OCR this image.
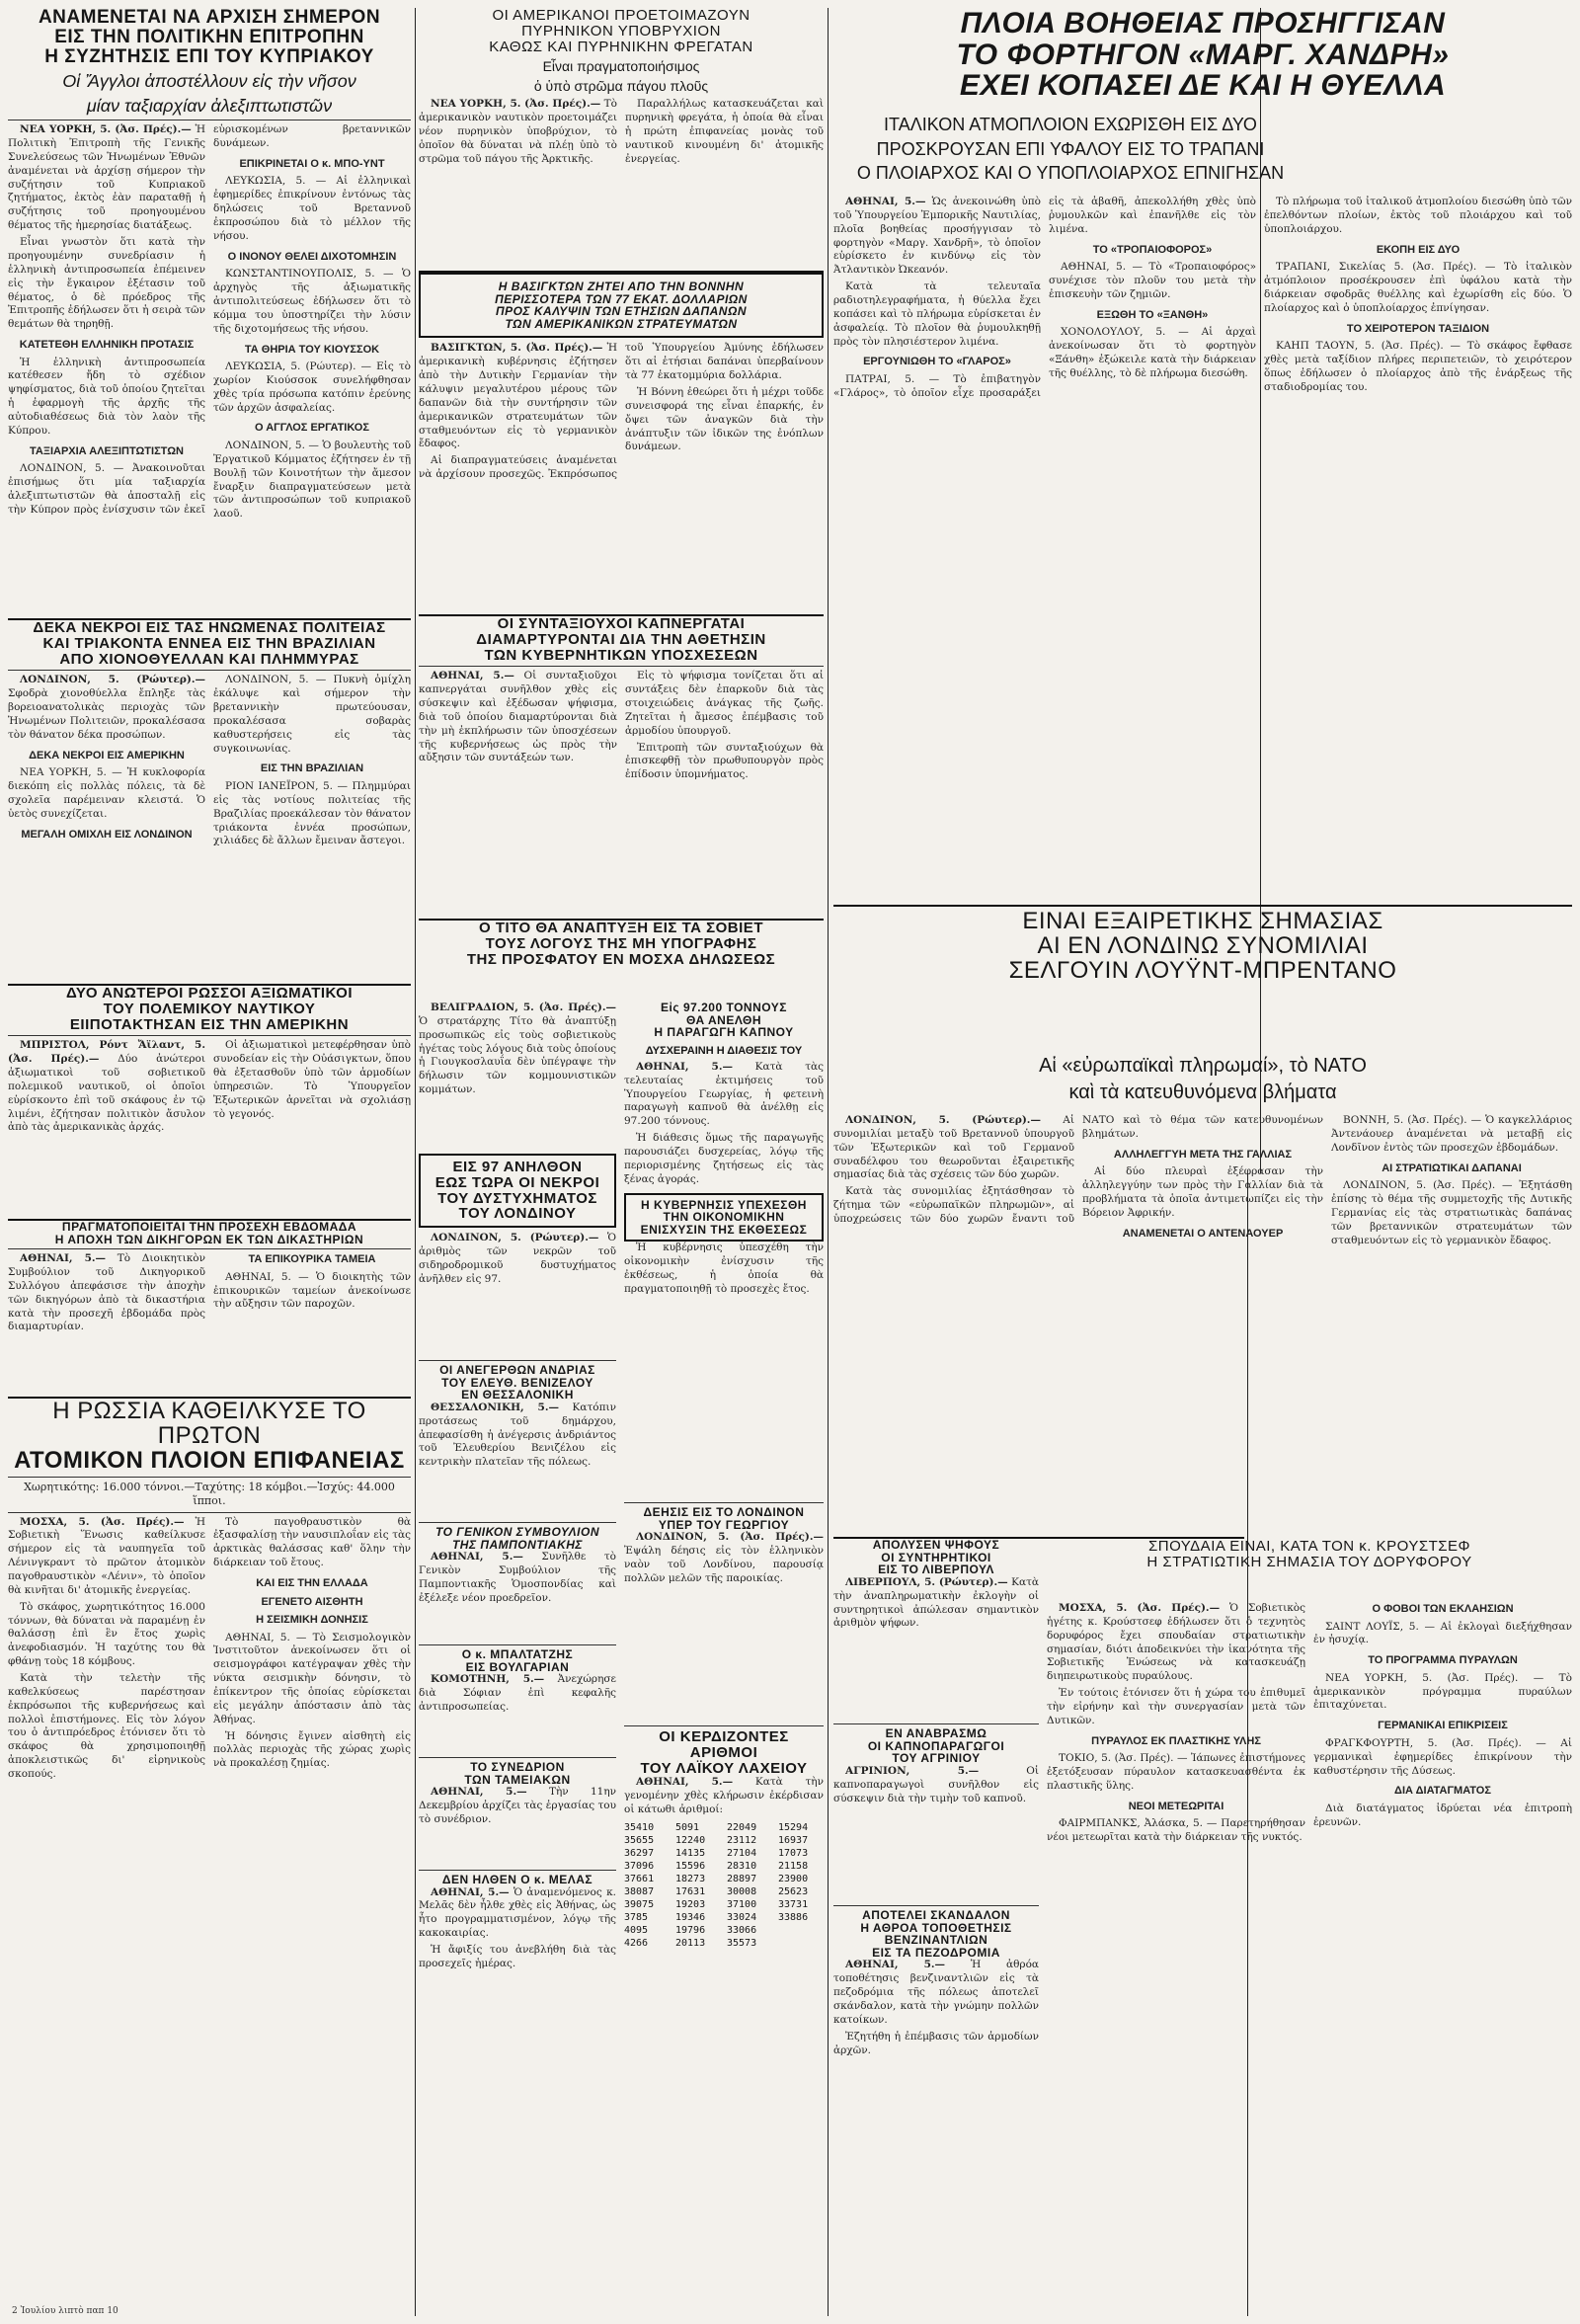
ΑΝΑΜΕΝΕΤΑΙ ΝΑ ΑΡΧΙΣΗ ΣΗΜΕΡΟΝ
ΕΙΣ ΤΗΝ ΠΟΛΙΤΙΚΗΝ ΕΠΙΤΡΟΠΗΝ
Η ΣΥΖΗΤΗΣΙΣ ΕΠΙ ΤΟΥ ΚΥΠΡΙΑΚΟΥ
Οἱ Ἄγγλοι ἀποστέλλουν εἰς τὴν νῆσον
μίαν ταξιαρχίαν ἀλεξιπτωτιστῶν

ΝΕΑ ΥΟΡΚΗ, 5. (Ἀσ. Πρές).— Ἡ Πολιτικὴ Ἐπιτροπὴ τῆς Γενικῆς Συνελεύσεως τῶν Ἡνωμένων Ἐθνῶν ἀναμένεται νὰ ἀρχίσῃ σήμερον τὴν συζήτησιν τοῦ Κυπριακοῦ ζητήματος, ἐκτὸς ἐὰν παραταθῇ ἡ συζήτησις τοῦ προηγουμένου θέματος τῆς ἡμερησίας διατάξεως.

Εἶναι γνωστὸν ὅτι κατὰ τὴν προηγουμένην συνεδρίασιν ἡ ἑλληνικὴ ἀντιπροσωπεία ἐπέμεινεν εἰς τὴν ἔγκαιρον ἐξέτασιν τοῦ θέματος, ὁ δὲ πρόεδρος τῆς Ἐπιτροπῆς ἐδήλωσεν ὅτι ἡ σειρὰ τῶν θεμάτων θὰ τηρηθῇ.

ΚΑΤΕΤΕΘΗ ΕΛΛΗΝΙΚΗ ΠΡΟΤΑΣΙΣ

Ἡ ἑλληνικὴ ἀντιπροσωπεία κατέθεσεν ἤδη τὸ σχέδιον ψηφίσματος, διὰ τοῦ ὁποίου ζητεῖται ἡ ἐφαρμογὴ τῆς ἀρχῆς τῆς αὐτοδιαθέσεως διὰ τὸν λαὸν τῆς Κύπρου.

ΤΑΞΙΑΡΧΙΑ ΑΛΕΞΙΠΤΩΤΙΣΤΩΝ

ΛΟΝΔΙΝΟΝ, 5. — Ἀνακοινοῦται ἐπισήμως ὅτι μία ταξιαρχία ἀλεξιπτωτιστῶν θὰ ἀποσταλῇ εἰς τὴν Κύπρον πρὸς ἐνίσχυσιν τῶν ἐκεῖ εὑρισκομένων βρεταννικῶν δυνάμεων.

ΕΠΙΚΡΙΝΕΤΑΙ Ο κ. ΜΠΟ-ΥΝΤ

ΛΕΥΚΩΣΙΑ, 5. — Αἱ ἐλληνικαὶ ἐφημερίδες ἐπικρίνουν ἐντόνως τὰς δηλώσεις τοῦ Βρεταννοῦ ἐκπροσώπου διὰ τὸ μέλλον τῆς νήσου.

Ο ΙΝΟΝΟΥ ΘΕΛΕΙ ΔΙΧΟΤΟΜΗΣΙΝ

ΚΩΝΣΤΑΝΤΙΝΟΥΠΟΛΙΣ, 5. — Ὁ ἀρχηγὸς τῆς ἀξιωματικῆς ἀντιπολιτεύσεως ἐδήλωσεν ὅτι τὸ κόμμα του ὑποστηρίζει τὴν λύσιν τῆς διχοτομήσεως τῆς νήσου.

ΤΑ ΘΗΡΙΑ ΤΟΥ ΚΙΟΥΣΣΟΚ

ΛΕΥΚΩΣΙΑ, 5. (Ρώυτερ). — Εἰς τὸ χωρίον Κιούσσοκ συνελήφθησαν χθὲς τρία πρόσωπα κατόπιν ἐρεύνης τῶν ἀρχῶν ἀσφαλείας.

Ο ΑΓΓΛΟΣ ΕΡΓΑΤΙΚΟΣ

ΛΟΝΔΙΝΟΝ, 5. — Ὁ βουλευτὴς τοῦ Ἐργατικοῦ Κόμματος ἐζήτησεν ἐν τῇ Βουλῇ τῶν Κοινοτήτων τὴν ἄμεσον ἔναρξιν διαπραγματεύσεων μετὰ τῶν ἀντιπροσώπων τοῦ κυπριακοῦ λαοῦ.

ΔΕΚΑ ΝΕΚΡΟΙ ΕΙΣ ΤΑΣ ΗΝΩΜΕΝΑΣ ΠΟΛΙΤΕΙΑΣ
ΚΑΙ ΤΡΙΑΚΟΝΤΑ ΕΝΝΕΑ ΕΙΣ ΤΗΝ ΒΡΑΖΙΛΙΑΝ
ΑΠΟ ΧΙΟΝΟΘΥΕΛΛΑΝ ΚΑΙ ΠΛΗΜΜΥΡΑΣ

ΛΟΝΔΙΝΟΝ, 5. (Ρώυτερ).— Σφοδρὰ χιονοθύελλα ἔπληξε τὰς βορειοανατολικὰς περιοχὰς τῶν Ἡνωμένων Πολιτειῶν, προκαλέσασα τὸν θάνατον δέκα προσώπων.

ΔΕΚΑ ΝΕΚΡΟΙ ΕΙΣ ΑΜΕΡΙΚΗΝ

ΝΕΑ ΥΟΡΚΗ, 5. — Ἡ κυκλοφορία διεκόπη εἰς πολλὰς πόλεις, τὰ δὲ σχολεῖα παρέμειναν κλειστά. Ὁ ὑετὸς συνεχίζεται.

ΜΕΓΑΛΗ ΟΜΙΧΛΗ ΕΙΣ ΛΟΝΔΙΝΟΝ

ΛΟΝΔΙΝΟΝ, 5. — Πυκνὴ ὀμίχλη ἐκάλυψε καὶ σήμερον τὴν βρεταννικὴν πρωτεύουσαν, προκαλέσασα σοβαρὰς καθυστερήσεις εἰς τὰς συγκοινωνίας.

ΕΙΣ ΤΗΝ ΒΡΑΖΙΛΙΑΝ

ΡΙΟΝ ΙΑΝΕΪΡΟΝ, 5. — Πλημμύραι εἰς τὰς νοτίους πολιτείας τῆς Βραζιλίας προεκάλεσαν τὸν θάνατον τριάκοντα ἐννέα προσώπων, χιλιάδες δὲ ἄλλων ἔμειναν ἄστεγοι.

ΔΥΟ ΑΝΩΤΕΡΟΙ ΡΩΣΣΟΙ ΑΞΙΩΜΑΤΙΚΟΙ
ΤΟΥ ΠΟΛΕΜΙΚΟΥ ΝΑΥΤΙΚΟΥ
ΕΙΙΠΟΤΑΚΤΗΣΑΝ ΕΙΣ ΤΗΝ ΑΜΕΡΙΚΗΝ

ΜΠΡΙΣΤΟΛ, Ρόντ Ἄϊλαντ, 5. (Ἀσ. Πρές).— Δύο ἀνώτεροι ἀξιωματικοὶ τοῦ σοβιετικοῦ πολεμικοῦ ναυτικοῦ, οἱ ὁποῖοι εὑρίσκοντο ἐπὶ τοῦ σκάφους ἐν τῷ λιμένι, ἐζήτησαν πολιτικὸν ἄσυλον ἀπὸ τὰς ἀμερικανικὰς ἀρχάς.

Οἱ ἀξιωματικοὶ μετεφέρθησαν ὑπὸ συνοδείαν εἰς τὴν Οὐάσιγκτων, ὅπου θὰ ἐξετασθοῦν ὑπὸ τῶν ἁρμοδίων ὑπηρεσιῶν. Τὸ Ὑπουργεῖον Ἐξωτερικῶν ἀρνεῖται νὰ σχολιάσῃ τὸ γεγονός.

ΠΡΑΓΜΑΤΟΠΟΙΕΙΤΑΙ ΤΗΝ ΠΡΟΣΕΧΗ ΕΒΔΟΜΑΔΑ
Η ΑΠΟΧΗ ΤΩΝ ΔΙΚΗΓΟΡΩΝ ΕΚ ΤΩΝ ΔΙΚΑΣΤΗΡΙΩΝ

ΑΘΗΝΑΙ, 5.— Τὸ Διοικητικὸν Συμβούλιον τοῦ Δικηγορικοῦ Συλλόγου ἀπεφάσισε τὴν ἀποχὴν τῶν δικηγόρων ἀπὸ τὰ δικαστήρια κατὰ τὴν προσεχῆ ἑβδομάδα πρὸς διαμαρτυρίαν.

ΤΑ ΕΠΙΚΟΥΡΙΚΑ ΤΑΜΕΙΑ

ΑΘΗΝΑΙ, 5. — Ὁ διοικητὴς τῶν ἐπικουρικῶν ταμείων ἀνεκοίνωσε τὴν αὔξησιν τῶν παροχῶν.

Η ΡΩΣΣΙΑ ΚΑΘΕΙΛΚΥΣΕ ΤΟ ΠΡΩΤΟΝ
ΑΤΟΜΙΚΟΝ ΠΛΟΙΟΝ ΕΠΙΦΑΝΕΙΑΣ
Χωρητικότης: 16.000 τόννοι.—Ταχύτης: 18 κόμβοι.—Ἰσχύς: 44.000 ἵπποι.

ΜΟΣΧΑ, 5. (Ἀσ. Πρές).— Ἡ Σοβιετικὴ Ἕνωσις καθείλκυσε σήμερον εἰς τὰ ναυπηγεῖα τοῦ Λένινγκραντ τὸ πρῶτον ἀτομικὸν παγοθραυστικὸν «Λένιν», τὸ ὁποῖον θὰ κινῆται δι' ἀτομικῆς ἐνεργείας.

Τὸ σκάφος, χωρητικότητος 16.000 τόννων, θὰ δύναται νὰ παραμένῃ ἐν θαλάσσῃ ἐπὶ ἓν ἔτος χωρὶς ἀνεφοδιασμόν. Ἡ ταχύτης του θὰ φθάνῃ τοὺς 18 κόμβους.

Κατὰ τὴν τελετὴν τῆς καθελκύσεως παρέστησαν ἐκπρόσωποι τῆς κυβερνήσεως καὶ πολλοὶ ἐπιστήμονες. Εἰς τὸν λόγον του ὁ ἀντιπρόεδρος ἐτόνισεν ὅτι τὸ σκάφος θὰ χρησιμοποιηθῇ ἀποκλειστικῶς δι' εἰρηνικοὺς σκοπούς.

Τὸ παγοθραυστικὸν θὰ ἐξασφαλίσῃ τὴν ναυσιπλοΐαν εἰς τὰς ἀρκτικὰς θαλάσσας καθ' ὅλην τὴν διάρκειαν τοῦ ἔτους.

ΚΑΙ ΕΙΣ ΤΗΝ ΕΛΛΑΔΑ
ΕΓΕΝΕΤΟ ΑΙΣΘΗΤΗ
Η ΣΕΙΣΜΙΚΗ ΔΟΝΗΣΙΣ

ΑΘΗΝΑΙ, 5. — Τὸ Σεισμολογικὸν Ἰνστιτοῦτον ἀνεκοίνωσεν ὅτι οἱ σεισμογράφοι κατέγραψαν χθὲς τὴν νύκτα σεισμικὴν δόνησιν, τὸ ἐπίκεντρον τῆς ὁποίας εὑρίσκεται εἰς μεγάλην ἀπόστασιν ἀπὸ τὰς Ἀθήνας.

Ἡ δόνησις ἔγινεν αἰσθητὴ εἰς πολλὰς περιοχὰς τῆς χώρας χωρὶς νὰ προκαλέσῃ ζημίας.

2 Ἰουλίου λιπτὸ παπ 10
ΟΙ ΑΜΕΡΙΚΑΝΟΙ ΠΡΟΕΤΟΙΜΑΖΟΥΝ
ΠΥΡΗΝΙΚΟΝ ΥΠΟΒΡΥΧΙΟΝ
ΚΑΘΩΣ ΚΑΙ ΠΥΡΗΝΙΚΗΝ ΦΡΕΓΑΤΑΝ
Εἶναι πραγματοποιήσιμος
ὁ ὑπὸ στρῶμα πάγου πλοῦς

ΝΕΑ ΥΟΡΚΗ, 5. (Ἀσ. Πρές).— Τὸ ἀμερικανικὸν ναυτικὸν προετοιμάζει νέον πυρηνικὸν ὑποβρύχιον, τὸ ὁποῖον θὰ δύναται νὰ πλέῃ ὑπὸ τὸ στρῶμα τοῦ πάγου τῆς Ἀρκτικῆς.

Παραλλήλως κατασκευάζεται καὶ πυρηνικὴ φρεγάτα, ἡ ὁποία θὰ εἶναι ἡ πρώτη ἐπιφανείας μονὰς τοῦ ναυτικοῦ κινουμένη δι' ἀτομικῆς ἐνεργείας.

Η ΒΑΣΙΓΚΤΩΝ ΖΗΤΕΙ ΑΠΟ ΤΗΝ ΒΟΝΝΗΝ
ΠΕΡΙΣΣΟΤΕΡΑ ΤΩΝ 77 ΕΚΑΤ. ΔΟΛΛΑΡΙΩΝ
ΠΡΟΣ ΚΑΛΥΨΙΝ ΤΩΝ ΕΤΗΣΙΩΝ ΔΑΠΑΝΩΝ
ΤΩΝ ΑΜΕΡΙΚΑΝΙΚΩΝ ΣΤΡΑΤΕΥΜΑΤΩΝ

ΒΑΣΙΓΚΤΩΝ, 5. (Ἀσ. Πρές).— Ἡ ἀμερικανικὴ κυβέρνησις ἐζήτησεν ἀπὸ τὴν Δυτικὴν Γερμανίαν τὴν κάλυψιν μεγαλυτέρου μέρους τῶν δαπανῶν διὰ τὴν συντήρησιν τῶν ἀμερικανικῶν στρατευμάτων τῶν σταθμευόντων εἰς τὸ γερμανικὸν ἔδαφος.

Αἱ διαπραγματεύσεις ἀναμένεται νὰ ἀρχίσουν προσεχῶς. Ἐκπρόσωπος τοῦ Ὑπουργείου Ἀμύνης ἐδήλωσεν ὅτι αἱ ἐτήσιαι δαπάναι ὑπερβαίνουν τὰ 77 ἑκατομμύρια δολλάρια.

Ἡ Βόννη ἐθεώρει ὅτι ἡ μέχρι τοῦδε συνεισφορά της εἶναι ἐπαρκής, ἐν ὄψει τῶν ἀναγκῶν διὰ τὴν ἀνάπτυξιν τῶν ἰδικῶν της ἐνόπλων δυνάμεων.

ΟΙ ΣΥΝΤΑΞΙΟΥΧΟΙ ΚΑΠΝΕΡΓΑΤΑΙ
ΔΙΑΜΑΡΤΥΡΟΝΤΑΙ ΔΙΑ ΤΗΝ ΑΘΕΤΗΣΙΝ
ΤΩΝ ΚΥΒΕΡΝΗΤΙΚΩΝ ΥΠΟΣΧΕΣΕΩΝ

ΑΘΗΝΑΙ, 5.— Οἱ συνταξιοῦχοι καπνεργάται συνῆλθον χθὲς εἰς σύσκεψιν καὶ ἐξέδωσαν ψήφισμα, διὰ τοῦ ὁποίου διαμαρτύρονται διὰ τὴν μὴ ἐκπλήρωσιν τῶν ὑποσχέσεων τῆς κυβερνήσεως ὡς πρὸς τὴν αὔξησιν τῶν συντάξεών των.

Εἰς τὸ ψήφισμα τονίζεται ὅτι αἱ συντάξεις δὲν ἐπαρκοῦν διὰ τὰς στοιχειώδεις ἀνάγκας τῆς ζωῆς. Ζητεῖται ἡ ἄμεσος ἐπέμβασις τοῦ ἁρμοδίου ὑπουργοῦ.

Ἐπιτροπὴ τῶν συνταξιούχων θὰ ἐπισκεφθῇ τὸν πρωθυπουργὸν πρὸς ἐπίδοσιν ὑπομνήματος.

Ο ΤΙΤΟ ΘΑ ΑΝΑΠΤΥΞΗ ΕΙΣ ΤΑ ΣΟΒΙΕΤ
ΤΟΥΣ ΛΟΓΟΥΣ ΤΗΣ ΜΗ ΥΠΟΓΡΑΦΗΣ
ΤΗΣ ΠΡΟΣΦΑΤΟΥ ΕΝ ΜΟΣΧΑ ΔΗΛΩΣΕΩΣ

ΒΕΛΙΓΡΑΔΙΟΝ, 5. (Ἀσ. Πρές).— Ὁ στρατάρχης Τίτο θὰ ἀναπτύξῃ προσωπικῶς εἰς τοὺς σοβιετικοὺς ἡγέτας τοὺς λόγους διὰ τοὺς ὁποίους ἡ Γιουγκοσλαυΐα δὲν ὑπέγραψε τὴν δήλωσιν τῶν κομμουνιστικῶν κομμάτων.

ΕΙΣ 97 ΑΝΗΛΘΟΝ
ΕΩΣ ΤΩΡΑ ΟΙ ΝΕΚΡΟΙ
ΤΟΥ ΔΥΣΤΥΧΗΜΑΤΟΣ
ΤΟΥ ΛΟΝΔΙΝΟΥ

ΛΟΝΔΙΝΟΝ, 5. (Ρώυτερ).— Ὁ ἀριθμὸς τῶν νεκρῶν τοῦ σιδηροδρομικοῦ δυστυχήματος ἀνῆλθεν εἰς 97.

ΟΙ ΑΝΕΓΕΡΘΩΝ ΑΝΔΡΙΑΣ
ΤΟΥ ΕΛΕΥΘ. ΒΕΝΙΖΕΛΟΥ
ΕΝ ΘΕΣΣΑΛΟΝΙΚΗ

ΘΕΣΣΑΛΟΝΙΚΗ, 5.— Κατόπιν προτάσεως τοῦ δημάρχου, ἀπεφασίσθη ἡ ἀνέγερσις ἀνδριάντος τοῦ Ἐλευθερίου Βενιζέλου εἰς κεντρικὴν πλατεῖαν τῆς πόλεως.

ΤΟ ΓΕΝΙΚΟΝ ΣΥΜΒΟΥΛΙΟΝ
ΤΗΣ ΠΑΜΠΟΝΤΙΑΚΗΣ

ΑΘΗΝΑΙ, 5.— Συνῆλθε τὸ Γενικὸν Συμβούλιον τῆς Παμποντιακῆς Ὁμοσπονδίας καὶ ἐξέλεξε νέον προεδρεῖον.

Ο κ. ΜΠΑΛΤΑΤΖΗΣ
ΕΙΣ ΒΟΥΛΓΑΡΙΑΝ

ΚΟΜΟΤΗΝΗ, 5.— Ἀνεχώρησε διὰ Σόφιαν ἐπὶ κεφαλῆς ἀντιπροσωπείας.

ΤΟ ΣΥΝΕΔΡΙΟΝ
ΤΩΝ ΤΑΜΕΙΑΚΩΝ

ΑΘΗΝΑΙ, 5.— Τὴν 11ην Δεκεμβρίου ἀρχίζει τὰς ἐργασίας του τὸ συνέδριον.

ΔΕΝ ΗΛΘΕΝ Ο κ. ΜΕΛΑΣ

ΑΘΗΝΑΙ, 5.— Ὁ ἀναμενόμενος κ. Μελᾶς δὲν ἦλθε χθὲς εἰς Ἀθήνας, ὡς ἦτο προγραμματισμένον, λόγῳ τῆς κακοκαιρίας.

Ἡ ἄφιξίς του ἀνεβλήθη διὰ τὰς προσεχεῖς ἡμέρας.

Εἰς 97.200 ΤΟΝΝΟΥΣ
ΘΑ ΑΝΕΛΘΗ
Η ΠΑΡΑΓΩΓΗ ΚΑΠΝΟΥ
ΔΥΣΧΕΡΑΙΝΗ Η ΔΙΑΘΕΣΙΣ ΤΟΥ

ΑΘΗΝΑΙ, 5.— Κατὰ τὰς τελευταίας ἐκτιμήσεις τοῦ Ὑπουργείου Γεωργίας, ἡ φετεινὴ παραγωγὴ καπνοῦ θὰ ἀνέλθῃ εἰς 97.200 τόννους.

Ἡ διάθεσις ὅμως τῆς παραγωγῆς παρουσιάζει δυσχερείας, λόγῳ τῆς περιορισμένης ζητήσεως εἰς τὰς ξένας ἀγοράς.

Η ΚΥΒΕΡΝΗΣΙΣ ΥΠΕΧΕΣΘΗ
ΤΗΝ ΟΙΚΟΝΟΜΙΚΗΝ
ΕΝΙΣΧΥΣΙΝ ΤΗΣ ΕΚΘΕΣΕΩΣ

Ἡ κυβέρνησις ὑπεσχέθη τὴν οἰκονομικὴν ἐνίσχυσιν τῆς ἐκθέσεως, ἡ ὁποία θὰ πραγματοποιηθῇ τὸ προσεχὲς ἔτος.

ΔΕΗΣΙΣ ΕΙΣ ΤΟ ΛΟΝΔΙΝΟΝ
ΥΠΕΡ ΤΟΥ ΓΕΩΡΓΙΟΥ

ΛΟΝΔΙΝΟΝ, 5. (Ἀσ. Πρές).— Ἐψάλη δέησις εἰς τὸν ἑλληνικὸν ναὸν τοῦ Λονδίνου, παρουσίᾳ πολλῶν μελῶν τῆς παροικίας.

ΠΛΟΙΑ ΒΟΗΘΕΙΑΣ ΠΡΟΣΗΓΓΙΣΑΝ
ΤΟ ΦΟΡΤΗΓΟΝ «ΜΑΡΓ. ΧΑΝΔΡΗ»
ΕΧΕΙ ΚΟΠΑΣΕΙ ΔΕ ΚΑΙ Η ΘΥΕΛΛΑ
ΙΤΑΛΙΚΟΝ ΑΤΜΟΠΛΟΙΟΝ ΕΧΩΡΙΣΘΗ ΕΙΣ ΔΥΟ
ΠΡΟΣΚΡΟΥΣΑΝ ΕΠΙ ΥΦΑΛΟΥ ΕΙΣ ΤΟ ΤΡΑΠΑΝΙ
Ο ΠΛΟΙΑΡΧΟΣ ΚΑΙ Ο ΥΠΟΠΛΟΙΑΡΧΟΣ ΕΠΝΙΓΗΣΑΝ

ΑΘΗΝΑΙ, 5.— Ὡς ἀνεκοινώθη ὑπὸ τοῦ Ὑπουργείου Ἐμπορικῆς Ναυτιλίας, πλοῖα βοηθείας προσήγγισαν τὸ φορτηγὸν «Μαργ. Χανδρῆ», τὸ ὁποῖον εὑρίσκετο ἐν κινδύνῳ εἰς τὸν Ἀτλαντικὸν Ὠκεανόν.

Κατὰ τὰ τελευταῖα ραδιοτηλεγραφήματα, ἡ θύελλα ἔχει κοπάσει καὶ τὸ πλήρωμα εὑρίσκεται ἐν ἀσφαλείᾳ. Τὸ πλοῖον θὰ ῥυμουλκηθῇ πρὸς τὸν πλησιέστερον λιμένα.

ΕΡΓΟΥΝΙΩΘΗ ΤΟ «ΓΛΑΡΟΣ»

ΠΑΤΡΑΙ, 5. — Τὸ ἐπιβατηγὸν «Γλάρος», τὸ ὁποῖον εἶχε προσαράξει εἰς τὰ ἀβαθῆ, ἀπεκολλήθη χθὲς ὑπὸ ῥυμουλκῶν καὶ ἐπανῆλθε εἰς τὸν λιμένα.

ΤΟ «ΤΡΟΠΑΙΟΦΟΡΟΣ»

ΑΘΗΝΑΙ, 5. — Τὸ «Τροπαιοφόρος» συνέχισε τὸν πλοῦν του μετὰ τὴν ἐπισκευὴν τῶν ζημιῶν.

ΕΞΩΘΗ ΤΟ «ΞΑΝΘΗ»

ΧΟΝΟΛΟΥΛΟΥ, 5. — Αἱ ἀρχαὶ ἀνεκοίνωσαν ὅτι τὸ φορτηγὸν «Ξάνθη» ἐξώκειλε κατὰ τὴν διάρκειαν τῆς θυέλλης, τὸ δὲ πλήρωμα διεσώθη.

Τὸ πλήρωμα τοῦ ἰταλικοῦ ἀτμοπλοίου διεσώθη ὑπὸ τῶν ἐπελθόντων πλοίων, ἐκτὸς τοῦ πλοιάρχου καὶ τοῦ ὑποπλοιάρχου.

ΕΚΟΠΗ ΕΙΣ ΔΥΟ

ΤΡΑΠΑΝΙ, Σικελίας 5. (Ἀσ. Πρές). — Τὸ ἰταλικὸν ἀτμόπλοιον προσέκρουσεν ἐπὶ ὑφάλου κατὰ τὴν διάρκειαν σφοδρᾶς θυέλλης καὶ ἐχωρίσθη εἰς δύο. Ὁ πλοίαρχος καὶ ὁ ὑποπλοίαρχος ἐπνίγησαν.

ΤΟ ΧΕΙΡΟΤΕΡΟΝ ΤΑΞΙΔΙΟΝ

ΚΑΗΠ ΤΑΟΥΝ, 5. (Ἀσ. Πρές). — Τὸ σκάφος ἔφθασε χθὲς μετὰ ταξίδιον πλήρες περιπετειῶν, τὸ χειρότερον ὅπως ἐδήλωσεν ὁ πλοίαρχος ἀπὸ τῆς ἐνάρξεως τῆς σταδιοδρομίας του.

ΕΙΝΑΙ ΕΞΑΙΡΕΤΙΚΗΣ ΣΗΜΑΣΙΑΣ
ΑΙ ΕΝ ΛΟΝΔΙΝΩ ΣΥΝΟΜΙΛΙΑΙ
ΣΕΛΓΟΥΙΝ ΛΟΥΫΝΤ-ΜΠΡΕΝΤΑΝΟ
Αἱ «εὐρωπαϊκαὶ πληρωμαί», τὸ ΝΑΤΟ
καὶ τὰ κατευθυνόμενα βλήματα

ΛΟΝΔΙΝΟΝ, 5. (Ρώυτερ).— Αἱ συνομιλίαι μεταξὺ τοῦ Βρεταννοῦ ὑπουργοῦ τῶν Ἐξωτερικῶν καὶ τοῦ Γερμανοῦ συναδέλφου του θεωροῦνται ἐξαιρετικῆς σημασίας διὰ τὰς σχέσεις τῶν δύο χωρῶν.

Κατὰ τὰς συνομιλίας ἐξητάσθησαν τὸ ζήτημα τῶν «εὐρωπαϊκῶν πληρωμῶν», αἱ ὑποχρεώσεις τῶν δύο χωρῶν ἔναντι τοῦ ΝΑΤΟ καὶ τὸ θέμα τῶν κατευθυνομένων βλημάτων.

ΑΛΛΗΛΕΓΓΥΗ ΜΕΤΑ ΤΗΣ ΓΑΛΛΙΑΣ

Αἱ δύο πλευραὶ ἐξέφρασαν τὴν ἀλληλεγγύην των πρὸς τὴν Γαλλίαν διὰ τὰ προβλήματα τὰ ὁποῖα ἀντιμετωπίζει εἰς τὴν Βόρειον Ἀφρικήν.

ΑΝΑΜΕΝΕΤΑΙ Ο ΑΝΤΕΝΑΟΥΕΡ

ΒΟΝΝΗ, 5. (Ἀσ. Πρές). — Ὁ καγκελλάριος Ἀντενάουερ ἀναμένεται νὰ μεταβῇ εἰς Λονδῖνον ἐντὸς τῶν προσεχῶν ἑβδομάδων.

ΑΙ ΣΤΡΑΤΙΩΤΙΚΑΙ ΔΑΠΑΝΑΙ

ΛΟΝΔΙΝΟΝ, 5. (Ἀσ. Πρές). — Ἐξητάσθη ἐπίσης τὸ θέμα τῆς συμμετοχῆς τῆς Δυτικῆς Γερμανίας εἰς τὰς στρατιωτικὰς δαπάνας τῶν βρεταννικῶν στρατευμάτων τῶν σταθμευόντων εἰς τὸ γερμανικὸν ἔδαφος.

ΑΠΟΛΥΣΕΝ ΨΗΦΟΥΣ
ΟΙ ΣΥΝΤΗΡΗΤΙΚΟΙ
ΕΙΣ ΤΟ ΛΙΒΕΡΠΟΥΛ

ΛΙΒΕΡΠΟΥΛ, 5. (Ρώυτερ).— Κατὰ τὴν ἀναπληρωματικὴν ἐκλογὴν οἱ συντηρητικοὶ ἀπώλεσαν σημαντικὸν ἀριθμὸν ψήφων.

ΕΝ ΑΝΑΒΡΑΣΜΩ
ΟΙ ΚΑΠΝΟΠΑΡΑΓΩΓΟΙ
ΤΟΥ ΑΓΡΙΝΙΟΥ

ΑΓΡΙΝΙΟΝ, 5.— Οἱ καπνοπαραγωγοὶ συνῆλθον εἰς σύσκεψιν διὰ τὴν τιμὴν τοῦ καπνοῦ.

ΑΠΟΤΕΛΕΙ ΣΚΑΝΔΑΛΟΝ
Η ΑΘΡΟΑ ΤΟΠΟΘΕΤΗΣΙΣ
ΒΕΝΖΙΝΑΝΤΛΙΩΝ
ΕΙΣ ΤΑ ΠΕΖΟΔΡΟΜΙΑ

ΑΘΗΝΑΙ, 5.— Ἡ ἀθρόα τοποθέτησις βενζιναντλιῶν εἰς τὰ πεζοδρόμια τῆς πόλεως ἀποτελεῖ σκάνδαλον, κατὰ τὴν γνώμην πολλῶν κατοίκων.

Ἐζητήθη ἡ ἐπέμβασις τῶν ἁρμοδίων ἀρχῶν.

ΣΠΟΥΔΑΙΑ ΕΙΝΑΙ, ΚΑΤΑ ΤΟΝ κ. ΚΡΟΥΣΤΣΕΦ
Η ΣΤΡΑΤΙΩΤΙΚΗ ΣΗΜΑΣΙΑ ΤΟΥ ΔΟΡΥΦΟΡΟΥ

ΜΟΣΧΑ, 5. (Ἀσ. Πρές).— Ὁ Σοβιετικὸς ἡγέτης κ. Κρούστσεφ ἐδήλωσεν ὅτι ὁ τεχνητὸς δορυφόρος ἔχει σπουδαίαν στρατιωτικὴν σημασίαν, διότι ἀποδεικνύει τὴν ἱκανότητα τῆς Σοβιετικῆς Ἑνώσεως νὰ κατασκευάζῃ διηπειρωτικοὺς πυραύλους.

Ἐν τούτοις ἐτόνισεν ὅτι ἡ χώρα του ἐπιθυμεῖ τὴν εἰρήνην καὶ τὴν συνεργασίαν μετὰ τῶν Δυτικῶν.

ΠΥΡΑΥΛΟΣ ΕΚ ΠΛΑΣΤΙΚΗΣ ΥΛΗΣ

ΤΟΚΙΟ, 5. (Ἀσ. Πρές). — Ἰάπωνες ἐπιστήμονες ἐξετόξευσαν πύραυλον κατασκευασθέντα ἐκ πλαστικῆς ὕλης.

ΝΕΟΙ ΜΕΤΕΩΡΙΤΑΙ

ΦΑΙΡΜΠΑΝΚΣ, Ἀλάσκα, 5. — Παρετηρήθησαν νέοι μετεωρῖται κατὰ τὴν διάρκειαν τῆς νυκτός.

Ο ΦΟΒΟΙ ΤΩΝ ΕΚΛΑΗΣΙΩΝ

ΣΑΙΝΤ ΛΟΥΪΣ, 5. — Αἱ ἐκλογαὶ διεξήχθησαν ἐν ἡσυχίᾳ.

ΤΟ ΠΡΟΓΡΑΜΜΑ ΠΥΡΑΥΛΩΝ

ΝΕΑ ΥΟΡΚΗ, 5. (Ἀσ. Πρές). — Τὸ ἀμερικανικὸν πρόγραμμα πυραύλων ἐπιταχύνεται.

ΓΕΡΜΑΝΙΚΑΙ ΕΠΙΚΡΙΣΕΙΣ

ΦΡΑΓΚΦΟΥΡΤΗ, 5. (Ἀσ. Πρές). — Αἱ γερμανικαὶ ἐφημερίδες ἐπικρίνουν τὴν καθυστέρησιν τῆς Δύσεως.

ΔΙΑ ΔΙΑΤΑΓΜΑΤΟΣ

Διὰ διατάγματος ἱδρύεται νέα ἐπιτροπὴ ἐρευνῶν.

ΟΙ ΚΕΡΔΙΖΟΝΤΕΣ ΑΡΙΘΜΟΙ
ΤΟΥ ΛΑΪΚΟΥ ΛΑΧΕΙΟΥ

ΑΘΗΝΑΙ, 5.— Κατὰ τὴν γενομένην χθὲς κλήρωσιν ἐκέρδισαν οἱ κάτωθι ἀριθμοί:

35410
35655
36297
37096
37661
38087
39075
3785
4095
4266
5091
12240
14135
15596
18273
17631
19203
19346
19796
20113
22049
23112
27104
28310
28897
30008
37100
33024
33066
35573
15294
16937
17073
21158
23900
25623
33731
33886
